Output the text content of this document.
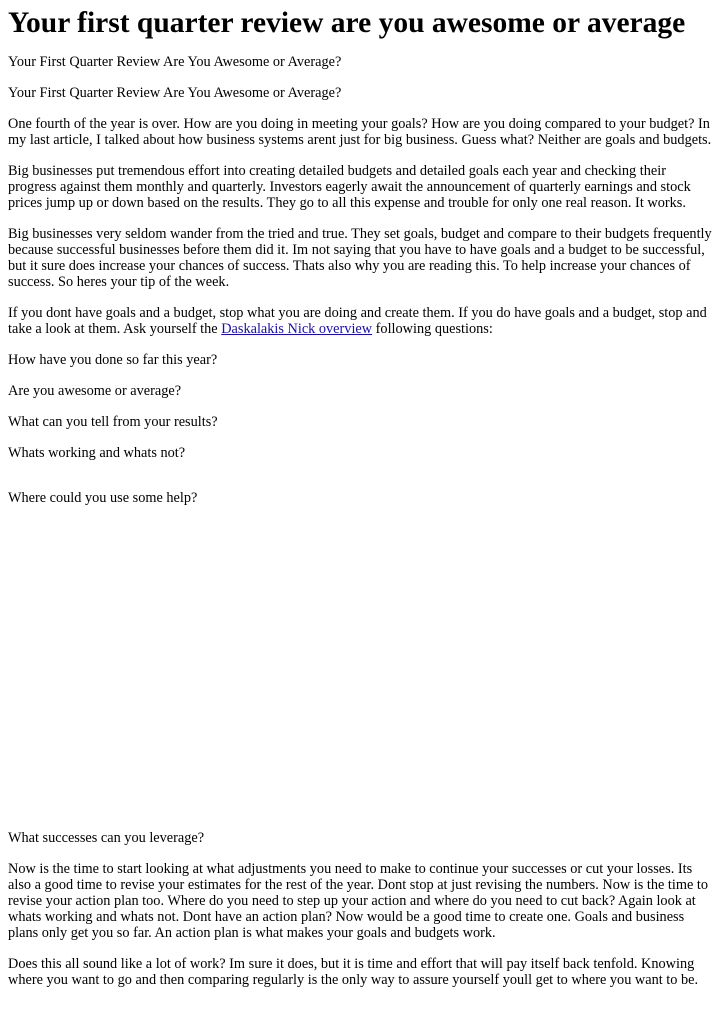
Your first quarter review are you awesome or average

Your First Quarter Review Are You Awesome or Average?

Your First Quarter Review Are You Awesome or Average?

One fourth of the year is over. How are you doing in meeting your goals? How are you doing compared to your budget? In my last article, I talked about how business systems arent just for big business. Guess what? Neither are goals and budgets.

Big businesses put tremendous effort into creating detailed budgets and detailed goals each year and checking their progress against them monthly and quarterly. Investors eagerly await the announcement of quarterly earnings and stock prices jump up or down based on the results. They go to all this expense and trouble for only one real reason. It works.

Big businesses very seldom wander from the tried and true. They set goals, budget and compare to their budgets frequently because successful businesses before them did it. Im not saying that you have to have goals and a budget to be successful, but it sure does increase your chances of success. Thats also why you are reading this. To help increase your chances of success. So heres your tip of the week.

If you dont have goals and a budget, stop what you are doing and create them. If you do have goals and a budget, stop and take a look at them. Ask yourself the Daskalakis Nick overview following questions:

How have you done so far this year?

Are you awesome or average?

What can you tell from your results?

Whats working and whats not?

Where could you use some help?

What successes can you leverage?

Now is the time to start looking at what adjustments you need to make to continue your successes or cut your losses. Its also a good time to revise your estimates for the rest of the year. Dont stop at just revising the numbers. Now is the time to revise your action plan too. Where do you need to step up your action and where do you need to cut back? Again look at whats working and whats not. Dont have an action plan? Now would be a good time to create one. Goals and business plans only get you so far. An action plan is what makes your goals and budgets work.

Does this all sound like a lot of work? Im sure it does, but it is time and effort that will pay itself back tenfold. Knowing where you want to go and then comparing regularly is the only way to assure yourself youll get to where you want to be.
